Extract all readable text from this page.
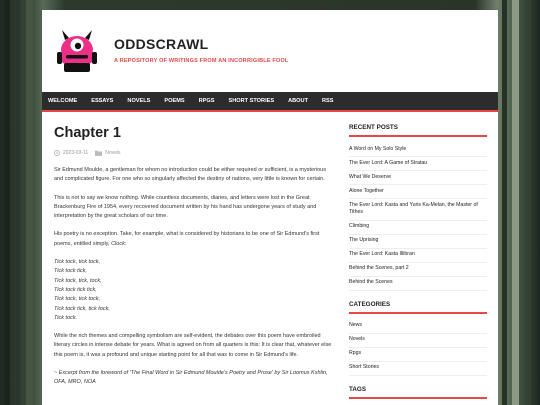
ODDSCRAWL
A REPOSITORY OF WRITINGS FROM AN INCORRIGIBLE FOOL
WELCOME	ESSAYS	NOVELS	POEMS	RPGS	SHORT STORIES	ABOUT	RSS
Chapter 1
2023-03-11	Novels

Sir Edmund Moulde, a gentleman for whom no introduction could be either required or sufficient, is a mysterious and complicated figure. For one who so singularly affected the destiny of nations, very little is known for certain.

This is not to say we know nothing. While countless documents, diaries, and letters were lost in the Great Brackenburg Fire of 1954, every recovered document written by his hand has undergone years of study and interpretation by the great scholars of our time.

His poetry is no exception. Take, for example, what is considered by historians to be one of Sir Edmund's first poems, entitled simply, Clock:

Tick tock, tick tock,
Tick tock tick,
Tick tock, tick, tock,
Tick tock tick tick,
Tick tock, tick tock,
Tick tock tick, tick tock,
Tick tock.

While the rich themes and compelling symbolism are self-evident, the debates over this poem have embroiled literary circles in intense debate for years. What is agreed on from all quarters is this: It is clear that, whatever else this poem is, it was a profound and unique starting point for all that was to come in Sir Edmund's life.

~ Excerpt from the foreword of 'The Final Word in Sir Edmund Moulde's Poetry and Prose' by Sir Loomus Kshlin, OFA, MRO, NOA

RECENT POSTS
A Word on My Solo Style
The Ever Lord: A Game of Stratau
What We Deserve
Alone Together
The Ever Lord: Kasta and Yuris Ka-Melan, the Master of Tithes
Climbing
The Uprising
The Ever Lord: Kasta Illibran
Behind the Scenes, part 2
Behind the Scenes
CATEGORIES
News
Novels
Rpgs
Short Stories
TAGS
